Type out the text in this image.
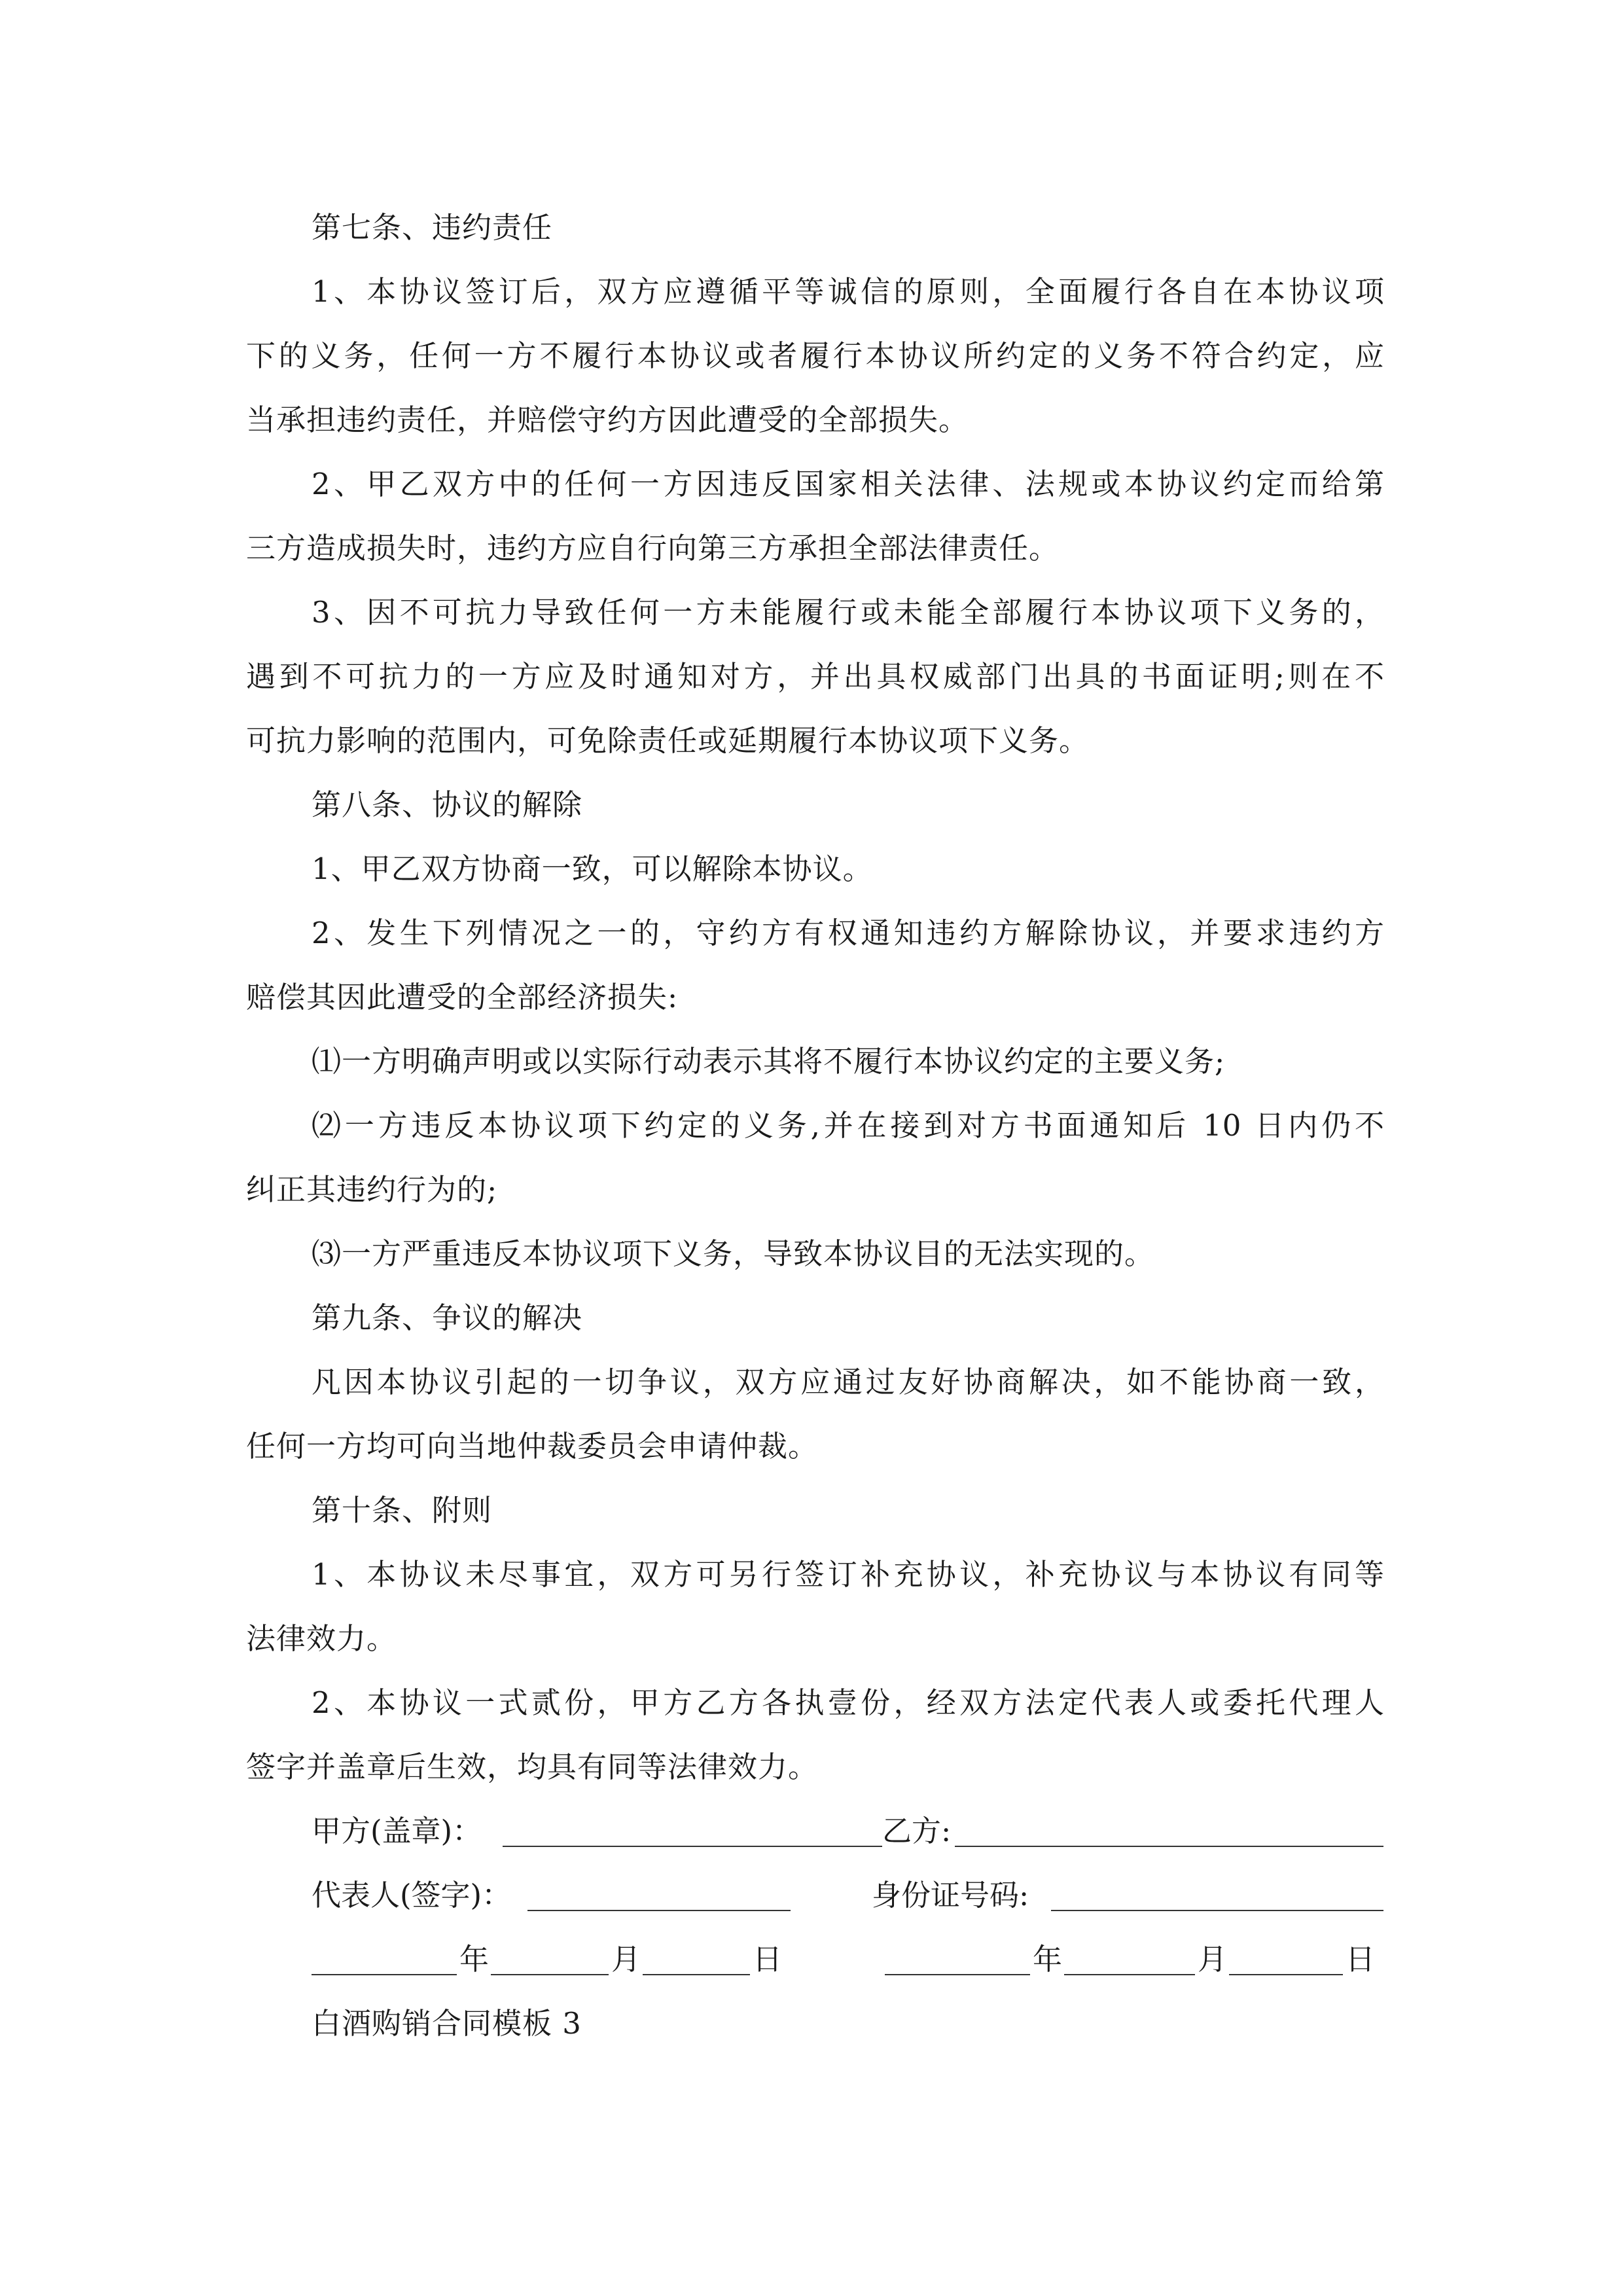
第七条、违约责任
1、本协议签订后，双方应遵循平等诚信的原则，全面履行各自在本协议项
下的义务，任何一方不履行本协议或者履行本协议所约定的义务不符合约定，应
当承担违约责任，并赔偿守约方因此遭受的全部损失。
2、甲乙双方中的任何一方因违反国家相关法律、法规或本协议约定而给第
三方造成损失时，违约方应自行向第三方承担全部法律责任。
3、因不可抗力导致任何一方未能履行或未能全部履行本协议项下义务的，
遇到不可抗力的一方应及时通知对方，并出具权威部门出具的书面证明;则在不
可抗力影响的范围内，可免除责任或延期履行本协议项下义务。
第八条、协议的解除
1、甲乙双方协商一致，可以解除本协议。
2、发生下列情况之一的，守约方有权通知违约方解除协议，并要求违约方
赔偿其因此遭受的全部经济损失:
⑴一方明确声明或以实际行动表示其将不履行本协议约定的主要义务;
⑵一方违反本协议项下约定的义务,并在接到对方书面通知后 10 日内仍不
纠正其违约行为的;
⑶一方严重违反本协议项下义务，导致本协议目的无法实现的。
第九条、争议的解决
凡因本协议引起的一切争议，双方应通过友好协商解决，如不能协商一致，
任何一方均可向当地仲裁委员会申请仲裁。
第十条、附则
1、本协议未尽事宜，双方可另行签订补充协议，补充协议与本协议有同等
法律效力。
2、本协议一式贰份，甲方乙方各执壹份，经双方法定代表人或委托代理人
签字并盖章后生效，均具有同等法律效力。
甲方(盖章)：	乙方:
代表人(签字)：	身份证号码:
年	月	日	年	月	日
白酒购销合同模板 3
